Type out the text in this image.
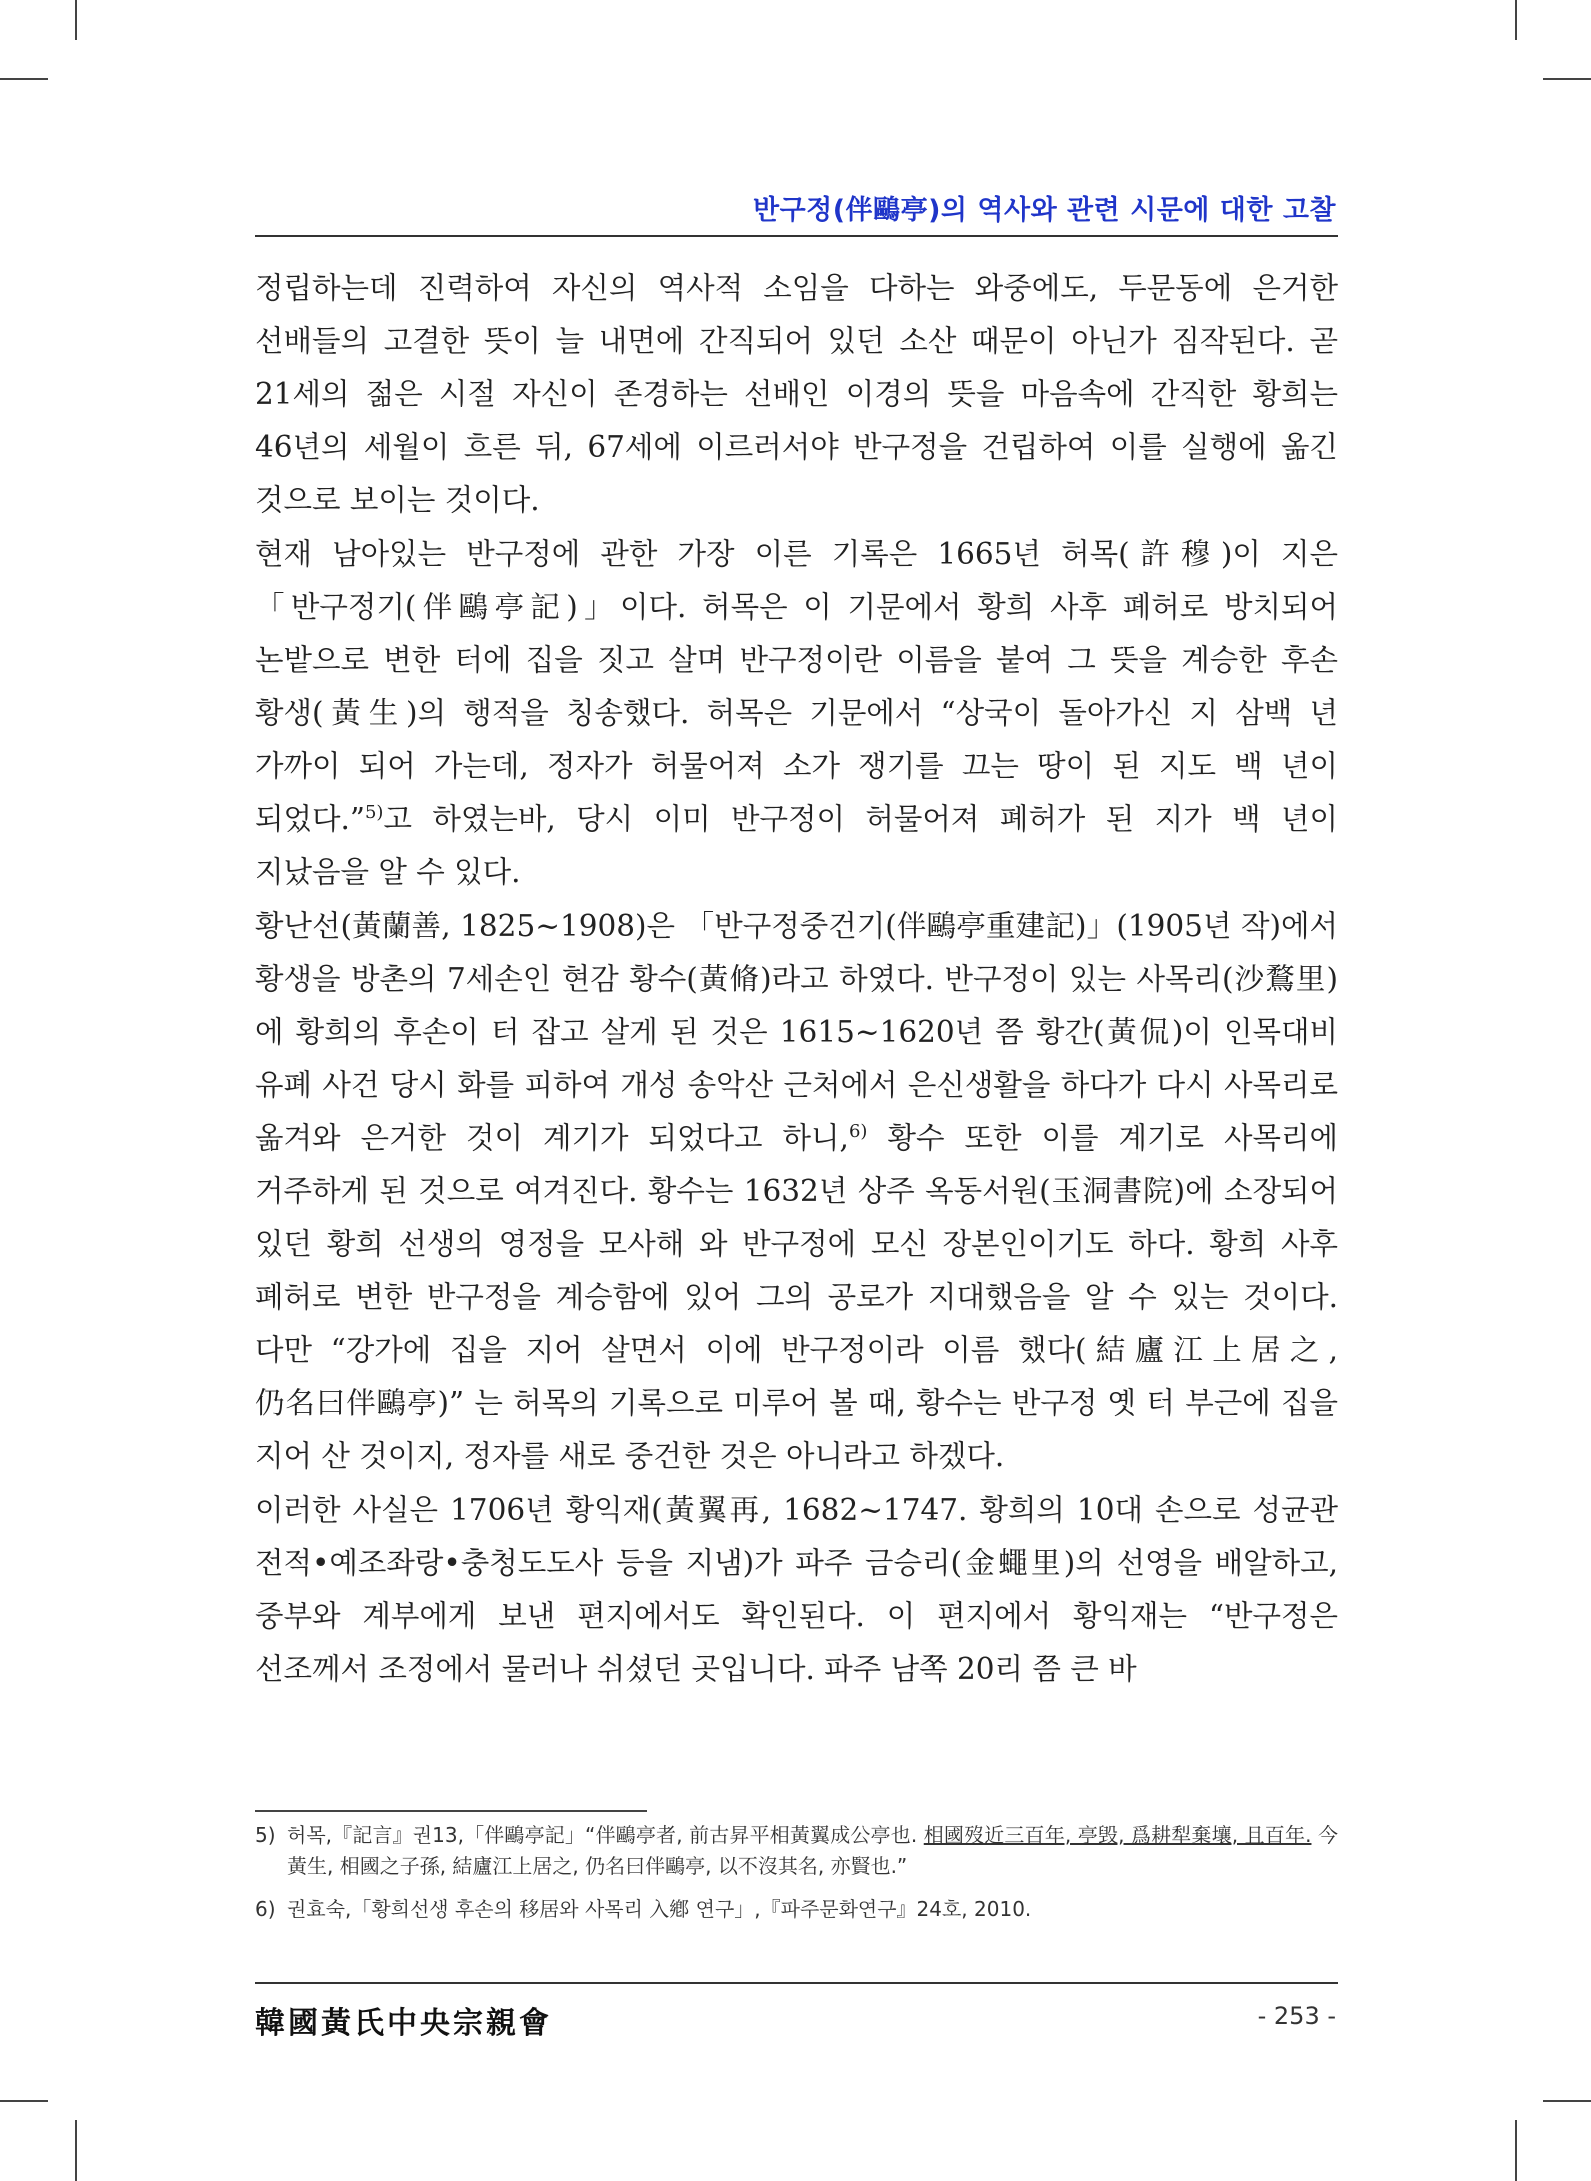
반구정(伴鷗亭)의 역사와 관련 시문에 대한 고찰

정립하는데 진력하여 자신의 역사적 소임을 다하는 와중에도, 두문동에 은거한 선배들의 고결한 뜻이 늘 내면에 간직되어 있던 소산 때문이 아닌가 짐작된다. 곧 21세의 젊은 시절 자신이 존경하는 선배인 이경의 뜻을 마음속에 간직한 황희는 46년의 세월이 흐른 뒤, 67세에 이르러서야 반구정을 건립하여 이를 실행에 옮긴 것으로 보이는 것이다.

현재 남아있는 반구정에 관한 가장 이른 기록은 1665년 허목(許穆)이 지은 「반구정기(伴鷗亭記)」이다. 허목은 이 기문에서 황희 사후 폐허로 방치되어 논밭으로 변한 터에 집을 짓고 살며 반구정이란 이름을 붙여 그 뜻을 계승한 후손 황생(黃生)의 행적을 칭송했다. 허목은 기문에서 “상국이 돌아가신 지 삼백 년 가까이 되어 가는데, 정자가 허물어져 소가 쟁기를 끄는 땅이 된 지도 백 년이 되었다.”$^{5)}$고 하였는바, 당시 이미 반구정이 허물어져 폐허가 된 지가 백 년이 지났음을 알 수 있다.

황난선(黃蘭善, 1825~1908)은 「반구정중건기(伴鷗亭重建記)」(1905년 작)에서 황생을 방촌의 7세손인 현감 황수(黃脩)라고 하였다. 반구정이 있는 사목리(沙鶩里)에 황희의 후손이 터 잡고 살게 된 것은 1615~1620년 쯤 황간(黃侃)이 인목대비 유폐 사건 당시 화를 피하여 개성 송악산 근처에서 은신생활을 하다가 다시 사목리로 옮겨와 은거한 것이 계기가 되었다고 하니,$^{6)}$ 황수 또한 이를 계기로 사목리에 거주하게 된 것으로 여겨진다. 황수는 1632년 상주 옥동서원(玉洞書院)에 소장되어 있던 황희 선생의 영정을 모사해 와 반구정에 모신 장본인이기도 하다. 황희 사후 폐허로 변한 반구정을 계승함에 있어 그의 공로가 지대했음을 알 수 있는 것이다. 다만 “강가에 집을 지어 살면서 이에 반구정이라 이름 했다(結廬江上居之, 仍名曰伴鷗亭)” 는 허목의 기록으로 미루어 볼 때, 황수는 반구정 옛 터 부근에 집을 지어 산 것이지, 정자를 새로 중건한 것은 아니라고 하겠다.

이러한 사실은 1706년 황익재(黃翼再, 1682~1747. 황희의 10대 손으로 성균관 전적•예조좌랑•충청도도사 등을 지냄)가 파주 금승리(金蠅里)의 선영을 배알하고, 중부와 계부에게 보낸 편지에서도 확인된다. 이 편지에서 황익재는 “반구정은 선조께서 조정에서 물러나 쉬셨던 곳입니다. 파주 남쪽 20리 쯤 큰 바

5) 허목,『記言』권13,「伴鷗亭記」“伴鷗亭者, 前古昇平相黃翼成公亭也. 相國歿近三百年, 亭毁, 爲耕犁棄壤, 且百年. 今黃生, 相國之子孫, 結廬江上居之, 仍名曰伴鷗亭, 以不沒其名, 亦賢也.”
6) 권효숙,「황희선생 후손의 移居와 사목리 入鄕 연구」,『파주문화연구』24호, 2010.
韓國黃氏中央宗親會	- 253 -
